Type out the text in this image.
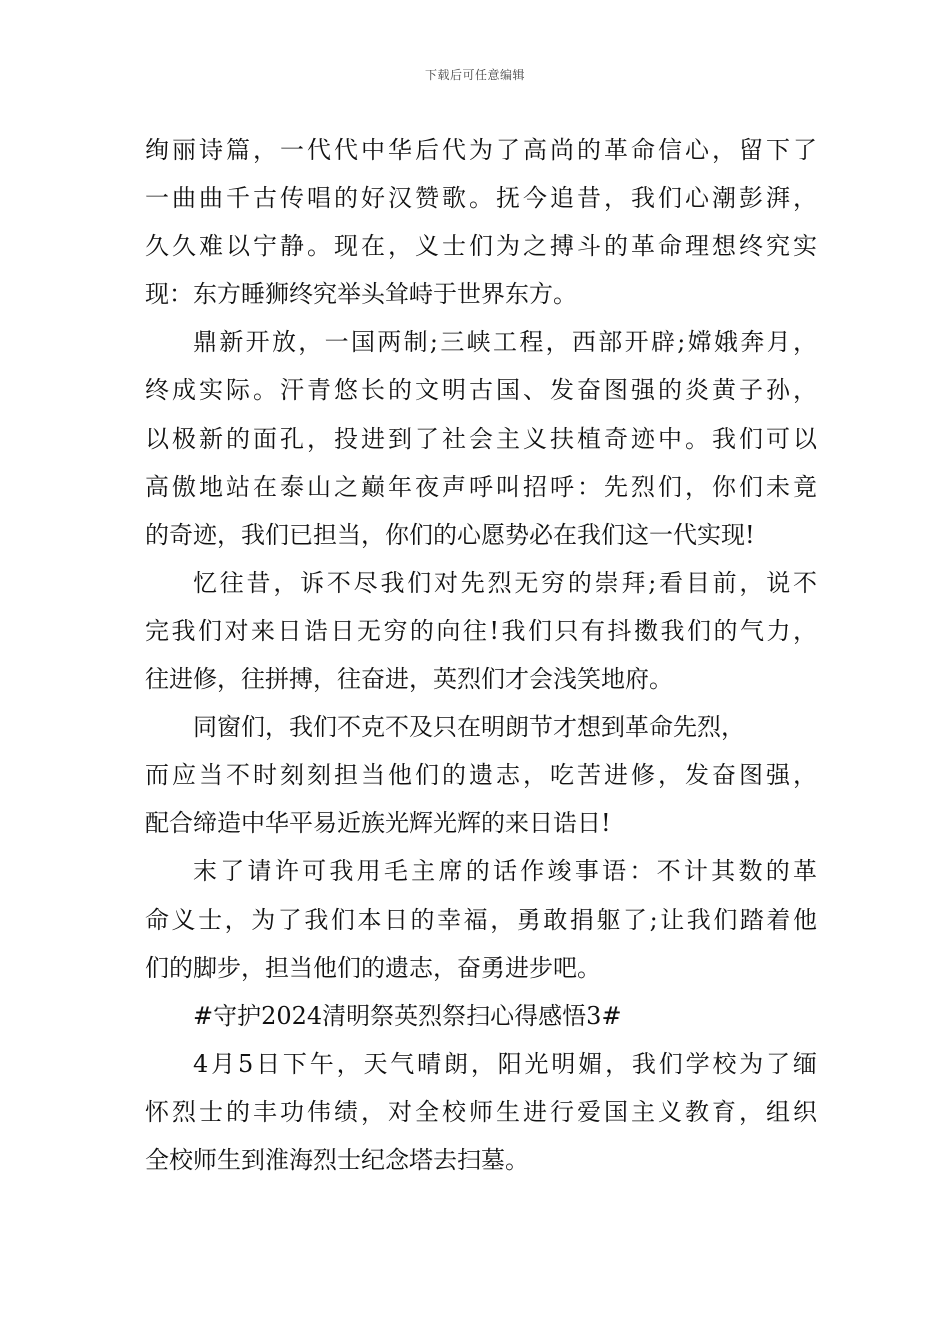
下载后可任意编辑
绚丽诗篇，一代代中华后代为了高尚的革命信心，留下了
一曲曲千古传唱的好汉赞歌。抚今追昔，我们心潮彭湃，
久久难以宁静。现在，义士们为之搏斗的革命理想终究实
现：东方睡狮终究举头耸峙于世界东方。
鼎新开放，一国两制;三峡工程，西部开辟;嫦娥奔月，
终成实际。汗青悠长的文明古国、发奋图强的炎黄子孙，
以极新的面孔，投进到了社会主义扶植奇迹中。我们可以
高傲地站在泰山之巅年夜声呼叫招呼：先烈们，你们未竟
的奇迹，我们已担当，你们的心愿势必在我们这一代实现!
忆往昔，诉不尽我们对先烈无穷的崇拜;看目前，说不
完我们对来日诰日无穷的向往!我们只有抖擞我们的气力，
往进修，往拼搏，往奋进，英烈们才会浅笑地府。
同窗们，我们不克不及只在明朗节才想到革命先烈，
而应当不时刻刻担当他们的遗志，吃苦进修，发奋图强，
配合缔造中华平易近族光辉光辉的来日诰日!
末了请许可我用毛主席的话作竣事语：不计其数的革
命义士，为了我们本日的幸福，勇敢捐躯了;让我们踏着他
们的脚步，担当他们的遗志，奋勇进步吧。
#守护2024清明祭英烈祭扫心得感悟3#
4月5日下午，天气晴朗，阳光明媚，我们学校为了缅
怀烈士的丰功伟绩，对全校师生进行爱国主义教育，组织
全校师生到淮海烈士纪念塔去扫墓。
